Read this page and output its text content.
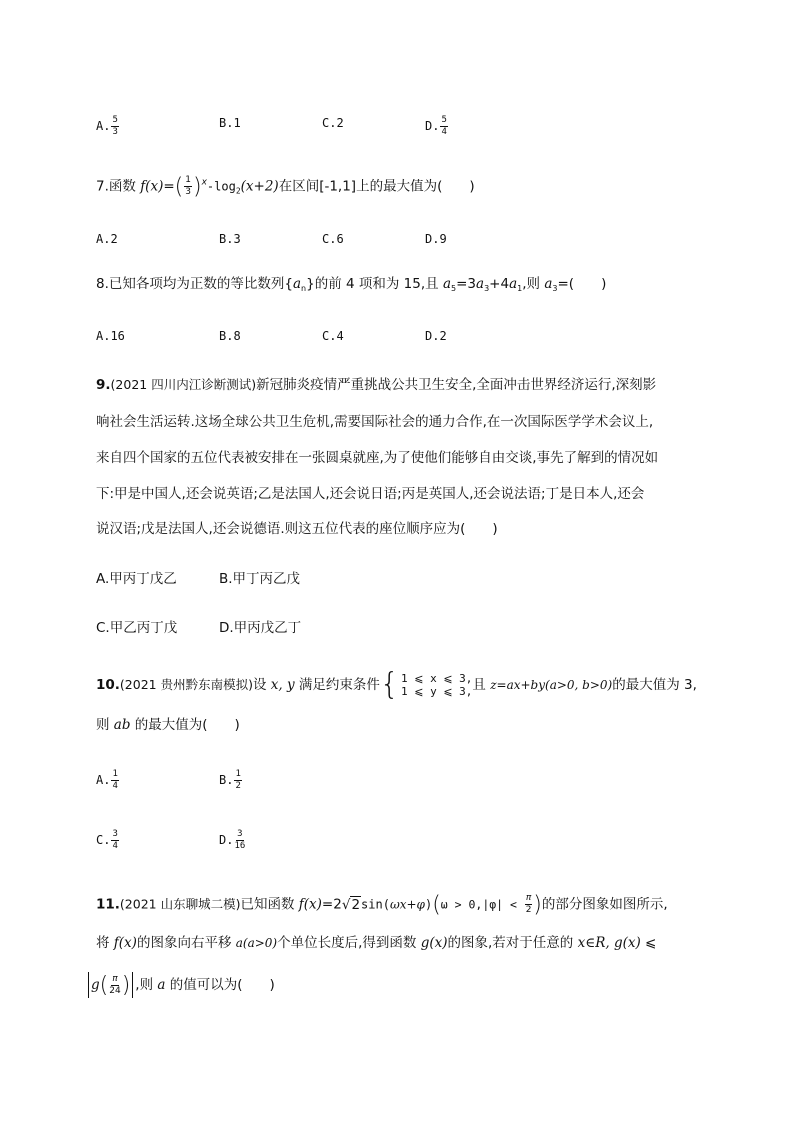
A. $\frac{5}{3}$	B.1	C.2	D. $\frac{5}{4}$
7.函数 $f(x)=( \frac{1}{3} )^x-\log_2(x+2)$在区间[-1,1]上的最大值为(　　)
A.2	B.3	C.6	D.9
8.已知各项均为正数的等比数列$\{a_n\}$的前 4 项和为 15,且 $a_5=3a_3+4a_1$,则 $a_3=$(　　)
A.16	B.8	C.4	D.2
9.(2021 四川内江诊断测试)新冠肺炎疫情严重挑战公共卫生安全,全面冲击世界经济运行,深刻影
响社会生活运转.这场全球公共卫生危机,需要国际社会的通力合作,在一次国际医学学术会议上,
来自四个国家的五位代表被安排在一张圆桌就座,为了使他们能够自由交谈,事先了解到的情况如
下:甲是中国人,还会说英语;乙是法国人,还会说日语;丙是英国人,还会说法语;丁是日本人,还会
说汉语;戊是法国人,还会说德语.则这五位代表的座位顺序应为(　　)
A.甲丙丁戊乙	B.甲丁丙乙戊
C.甲乙丙丁戊	D.甲丙戊乙丁
10.(2021 贵州黔东南模拟)设 x, y 满足约束条件 { 1 ⩽ x ⩽ 3,
1 ⩽ y ⩽ 3, 且 z=ax+by(a>0, b>0)的最大值为 3,
则 ab 的最大值为(　　)
A. $\frac{1}{4}$	B. $\frac{1}{2}$
C. $\frac{3}{4}$	D. $\frac{3}{16}$
11.(2021 山东聊城二模)已知函数 $f(x)=2√2\sin(\omega x+\varphi)(\omega > 0,|\varphi| < \frac{\pi}{2}$ )的部分图象如图所示,
将 f(x)的图象向右平移 a(a>0)个单位长度后,得到函数 g(x)的图象,若对于任意的 x∈R, g(x) ⩽
$g( \frac{\pi}{24}$ ) ,则 a 的值可以为(　　)
